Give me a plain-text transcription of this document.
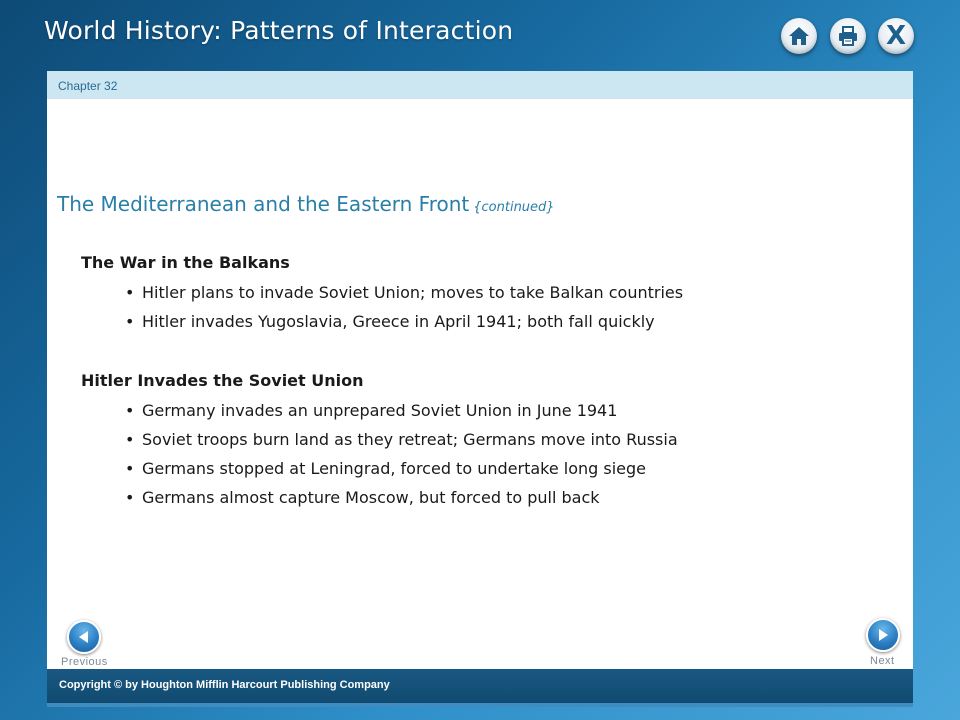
World History: Patterns of Interaction	X
Chapter 32
The Mediterranean and the Eastern Front {continued}
The War in the Balkans
• Hitler plans to invade Soviet Union; moves to take Balkan countries
• Hitler invades Yugoslavia, Greece in April 1941; both fall quickly
Hitler Invades the Soviet Union
• Germany invades an unprepared Soviet Union in June 1941
• Soviet troops burn land as they retreat; Germans move into Russia
• Germans stopped at Leningrad, forced to undertake long siege
• Germans almost capture Moscow, but forced to pull back
Previous	Next
Copyright © by Houghton Mifflin Harcourt Publishing Company
